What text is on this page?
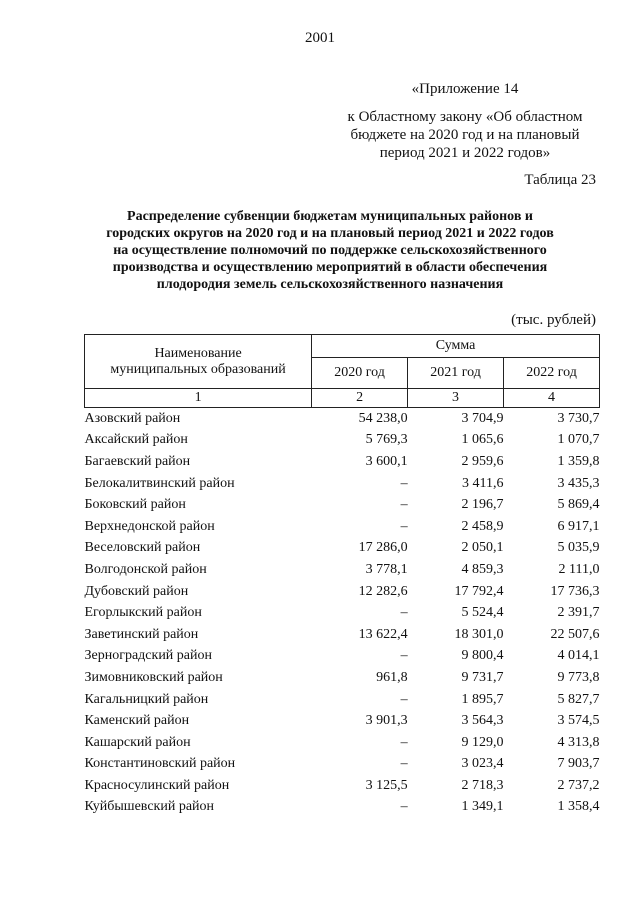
2001
«Приложение 14
к Областному закону «Об областном
бюджете на 2020 год и на плановый
период 2021 и 2022 годов»
Таблица 23
Распределение субвенции бюджетам муниципальных районов и
городских округов на 2020 год и на плановый период 2021 и 2022 годов
на осуществление полномочий по поддержке сельскохозяйственного
производства и осуществлению мероприятий в области обеспечения
плодородия земель сельскохозяйственного назначения
(тыс. рублей)
Наименование
муниципальных образований	Сумма		
	2020 год	2021 год	2022 год
1	2	3	4
Азовский район	54 238,0	3 704,9	3 730,7
Аксайский район	5 769,3	1 065,6	1 070,7
Багаевский район	3 600,1	2 959,6	1 359,8
Белокалитвинский район	–	3 411,6	3 435,3
Боковский район	–	2 196,7	5 869,4
Верхнедонской район	–	2 458,9	6 917,1
Веселовский район	17 286,0	2 050,1	5 035,9
Волгодонской район	3 778,1	4 859,3	2 111,0
Дубовский район	12 282,6	17 792,4	17 736,3
Егорлыкский район	–	5 524,4	2 391,7
Заветинский район	13 622,4	18 301,0	22 507,6
Зерноградский район	–	9 800,4	4 014,1
Зимовниковский район	961,8	9 731,7	9 773,8
Кагальницкий район	–	1 895,7	5 827,7
Каменский район	3 901,3	3 564,3	3 574,5
Кашарский район	–	9 129,0	4 313,8
Константиновский район	–	3 023,4	7 903,7
Красносулинский район	3 125,5	2 718,3	2 737,2
Куйбышевский район	–	1 349,1	1 358,4
